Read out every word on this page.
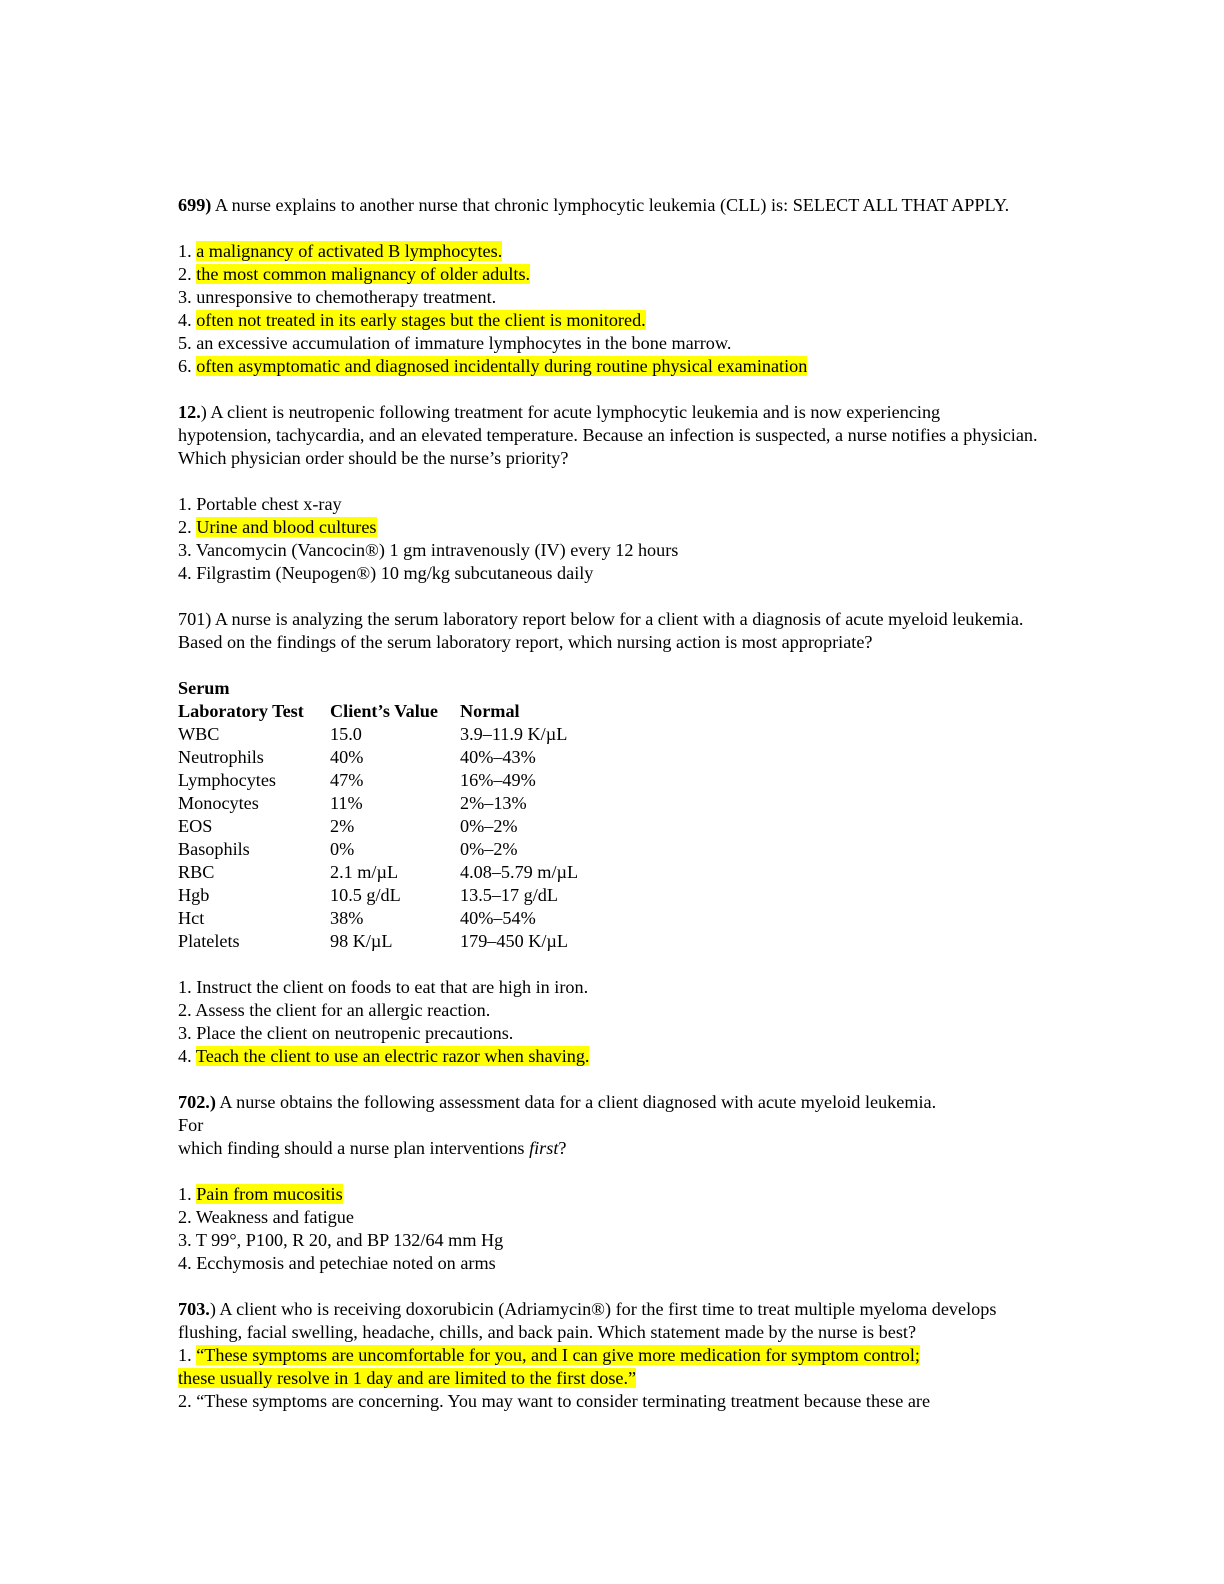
699) A nurse explains to another nurse that chronic lymphocytic leukemia (CLL) is: SELECT ALL THAT APPLY.

1. a malignancy of activated B lymphocytes.

2. the most common malignancy of older adults.

3. unresponsive to chemotherapy treatment.

4. often not treated in its early stages but the client is monitored.

5. an excessive accumulation of immature lymphocytes in the bone marrow.

6. often asymptomatic and diagnosed incidentally during routine physical examination

12.) A client is neutropenic following treatment for acute lymphocytic leukemia and is now experiencing hypotension, tachycardia, and an elevated temperature. Because an infection is suspected, a nurse notifies a physician. Which physician order should be the nurse’s priority?

1. Portable chest x-ray

2. Urine and blood cultures

3. Vancomycin (Vancocin®) 1 gm intravenously (IV) every 12 hours

4. Filgrastim (Neupogen®) 10 mg/kg subcutaneous daily

701) A nurse is analyzing the serum laboratory report below for a client with a diagnosis of acute myeloid leukemia. Based on the findings of the serum laboratory report, which nursing action is most appropriate?

Serum

Laboratory Test	Client’s Value	Normal
WBC	15.0	3.9–11.9 K/µL
Neutrophils	40%	40%–43%
Lymphocytes	47%	16%–49%
Monocytes	11%	2%–13%
EOS	2%	0%–2%
Basophils	0%	0%–2%
RBC	2.1 m/µL	4.08–5.79 m/µL
Hgb	10.5 g/dL	13.5–17 g/dL
Hct	38%	40%–54%
Platelets	98 K/µL	179–450 K/µL

1. Instruct the client on foods to eat that are high in iron.

2. Assess the client for an allergic reaction.

3. Place the client on neutropenic precautions.

4. Teach the client to use an electric razor when shaving.

702.) A nurse obtains the following assessment data for a client diagnosed with acute myeloid leukemia.

For

which finding should a nurse plan interventions first?

1. Pain from mucositis

2. Weakness and fatigue

3. T 99°, P100, R 20, and BP 132/64 mm Hg

4. Ecchymosis and petechiae noted on arms

703.) A client who is receiving doxorubicin (Adriamycin®) for the first time to treat multiple myeloma develops flushing, facial swelling, headache, chills, and back pain. Which statement made by the nurse is best?

1. “These symptoms are uncomfortable for you, and I can give more medication for symptom control;

these usually resolve in 1 day and are limited to the first dose.”

2. “These symptoms are concerning. You may want to consider terminating treatment because these are
